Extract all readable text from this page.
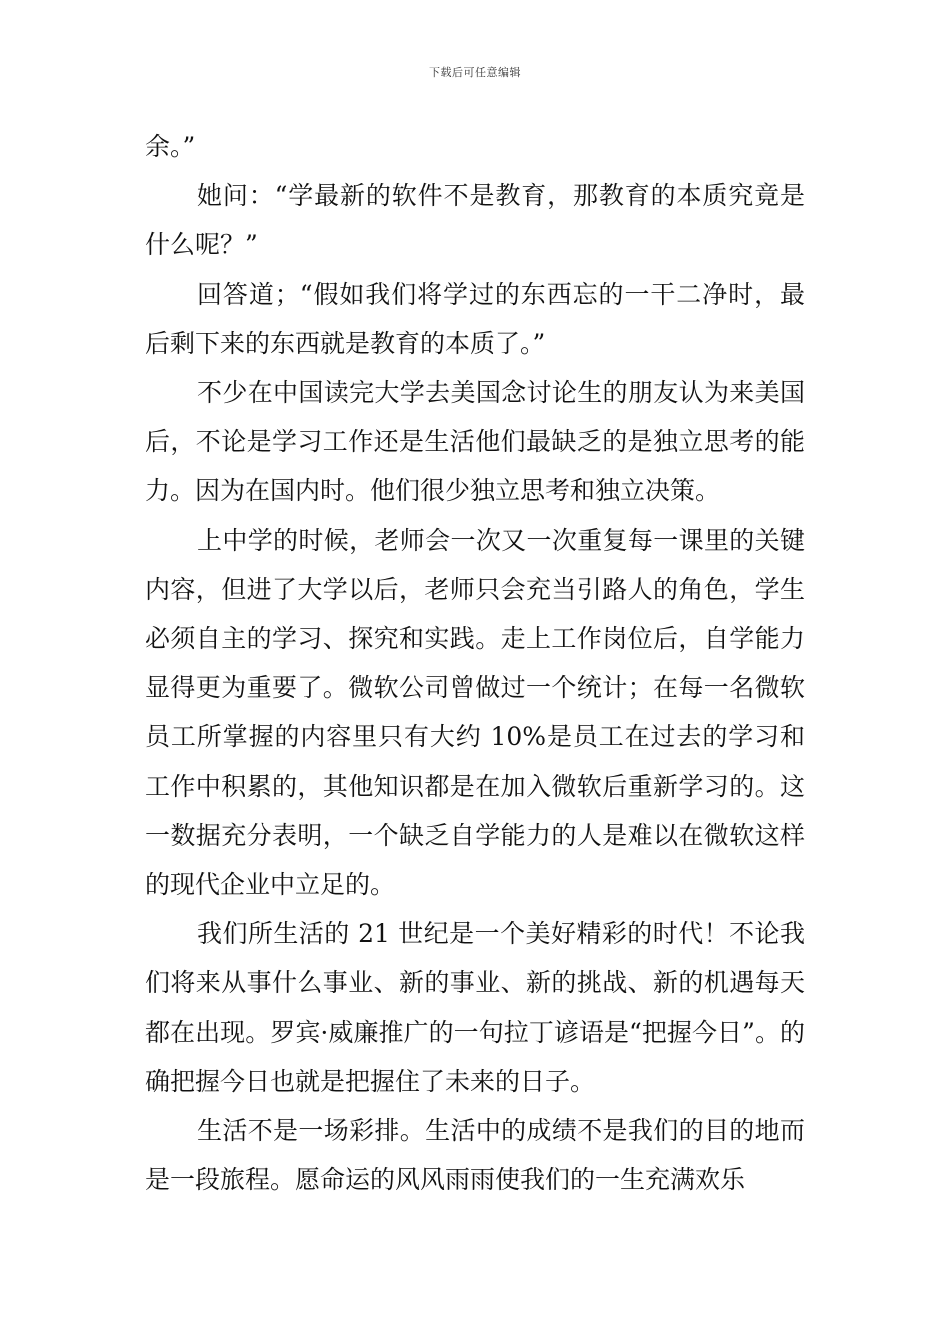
下载后可任意编辑

余。”

她问：“学最新的软件不是教育，那教育的本质究竟是什么呢？”

回答道；“假如我们将学过的东西忘的一干二净时，最后剩下来的东西就是教育的本质了。”

不少在中国读完大学去美国念讨论生的朋友认为来美国后，不论是学习工作还是生活他们最缺乏的是独立思考的能力。因为在国内时。他们很少独立思考和独立决策。

上中学的时候，老师会一次又一次重复每一课里的关键内容，但进了大学以后，老师只会充当引路人的角色，学生必须自主的学习、探究和实践。走上工作岗位后，自学能力显得更为重要了。微软公司曾做过一个统计；在每一名微软员工所掌握的内容里只有大约 10%是员工在过去的学习和工作中积累的，其他知识都是在加入微软后重新学习的。这一数据充分表明，一个缺乏自学能力的人是难以在微软这样的现代企业中立足的。

我们所生活的 21 世纪是一个美好精彩的时代！不论我们将来从事什么事业、新的事业、新的挑战、新的机遇每天都在出现。罗宾·威廉推广的一句拉丁谚语是“把握今日”。的确把握今日也就是把握住了未来的日子。

生活不是一场彩排。生活中的成绩不是我们的目的地而是一段旅程。愿命运的风风雨雨使我们的一生充满欢乐
